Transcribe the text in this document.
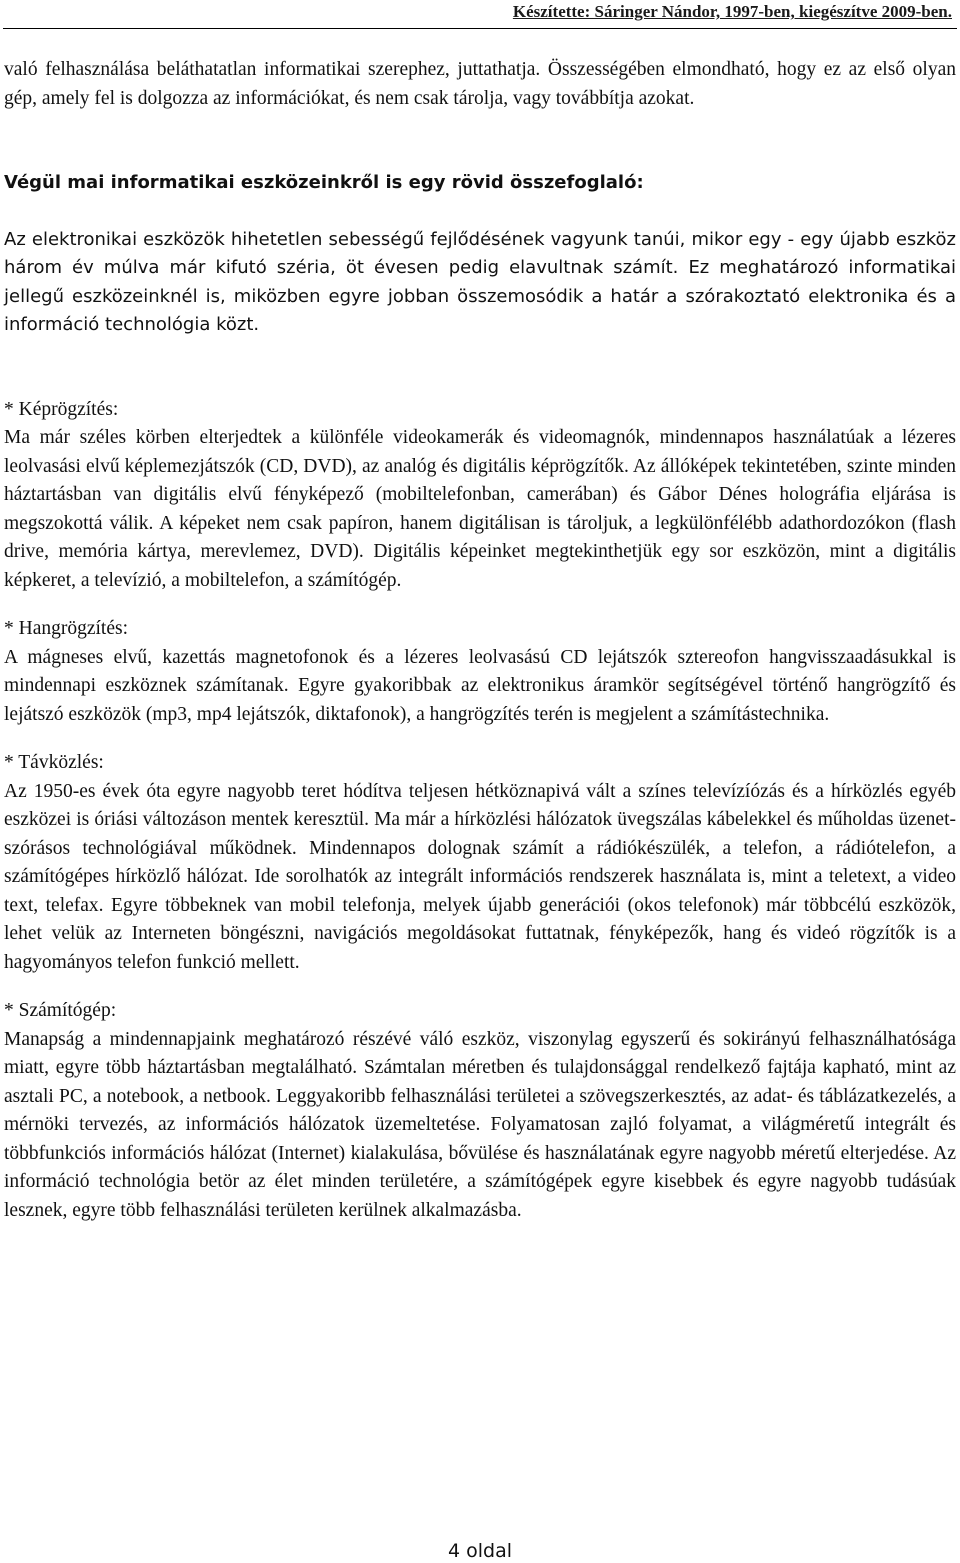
Készítette: Sáringer Nándor, 1997-ben, kiegészítve 2009-ben.

való felhasználása beláthatatlan informatikai szerephez, juttathatja. Összességében elmondható, hogy ez az első olyan gép, amely fel is dolgozza az információkat, és nem csak tárolja, vagy továbbítja azokat.

Végül mai informatikai eszközeinkről is egy rövid összefoglaló:

Az elektronikai eszközök hihetetlen sebességű fejlődésének vagyunk tanúi, mikor egy - egy újabb eszköz három év múlva már kifutó széria, öt évesen pedig elavultnak számít. Ez meghatározó informatikai jellegű eszközeinknél is, miközben egyre jobban összemosódik a határ a szórakoztató elektronika és a információ technológia közt.

* Képrögzítés:

Ma már széles körben elterjedtek a különféle videokamerák és videomagnók, mindennapos használatúak a lézeres leolvasási elvű képlemezjátszók (CD, DVD), az analóg és digitális képrögzítők. Az állóképek tekintetében, szinte minden háztartásban van digitális elvű fényképező (mobiltelefonban, camerában) és Gábor Dénes holográfia eljárása is megszokottá válik. A képeket nem csak papíron, hanem digitálisan is tároljuk, a legkülönfélébb adathordozókon (flash drive, memória kártya, merevlemez, DVD). Digitális képeinket megtekinthetjük egy sor eszközön, mint a digitális képkeret, a televízió, a mobiltelefon, a számítógép.

* Hangrögzítés:

A mágneses elvű, kazettás magnetofonok és a lézeres leolvasású CD lejátszók sztereofon hangvisszaadásukkal is mindennapi eszköznek számítanak. Egyre gyakoribbak az elektronikus áramkör segítségével történő hangrögzítő és lejátszó eszközök (mp3, mp4 lejátszók, diktafonok), a hangrögzítés terén is megjelent a számítástechnika.

* Távközlés:

Az 1950-es évek óta egyre nagyobb teret hódítva teljesen hétköznapivá vált a színes televízíózás és a hírközlés egyéb eszközei is óriási változáson mentek keresztül. Ma már a hírközlési hálózatok üvegszálas kábelekkel és műholdas üzenet-szórásos technológiával működnek. Mindennapos dolognak számít a rádiókészülék, a telefon, a rádiótelefon, a számítógépes hírközlő hálózat. Ide sorolhatók az integrált információs rendszerek használata is, mint a teletext, a video text, telefax. Egyre többeknek van mobil telefonja, melyek újabb generációi (okos telefonok) már többcélú eszközök, lehet velük az Interneten böngészni, navigációs megoldásokat futtatnak, fényképezők, hang és videó rögzítők is a hagyományos telefon funkció mellett.

* Számítógép:

Manapság a mindennapjaink meghatározó részévé váló eszköz, viszonylag egyszerű és sokirányú felhasználhatósága miatt, egyre több háztartásban megtalálható. Számtalan méretben és tulajdonsággal rendelkező fajtája kapható, mint az asztali PC, a notebook, a netbook. Leggyakoribb felhasználási területei a szövegszerkesztés, az adat- és táblázatkezelés, a mérnöki tervezés, az információs hálózatok üzemeltetése. Folyamatosan zajló folyamat, a világméretű integrált és többfunkciós információs hálózat (Internet) kialakulása, bővülése és használatának egyre nagyobb méretű elterjedése. Az információ technológia betör az élet minden területére, a számítógépek egyre kisebbek és egyre nagyobb tudásúak lesznek, egyre több felhasználási területen kerülnek alkalmazásba.

4 oldal
